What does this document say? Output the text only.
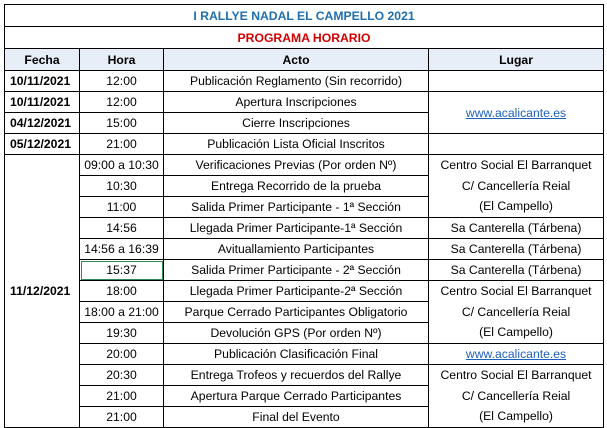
I RALLYE NADAL EL CAMPELLO 2021			
PROGRAMA HORARIO			
Fecha	Hora	Acto	Lugar
10/11/2021	12:00	Publicación Reglamento (Sin recorrido)	
10/11/2021	12:00	Apertura Inscripciones	www.acalicante.es
04/12/2021	15:00	Cierre Inscripciones	
05/12/2021	21:00	Publicación Lista Oficial Inscritos	
11/12/2021	09:00 a 10:30	Verificaciones Previas (Por orden Nº)	Centro Social El Barranquet
C/ Cancellería Reial
(El Campello)

	10:30	Entrega Recorrido de la prueba	
	11:00	Salida Primer Participante - 1ª Sección	
	14:56	Llegada Primer Participante-1ª Sección	Sa Canterella (Tárbena)
	14:56 a 16:39	Avituallamiento Participantes	Sa Canterella (Tárbena)
	15:37	Salida Primer Participante - 2ª Sección	Sa Canterella (Tárbena)
	18:00	Llegada Primer Participante-2ª Sección	Centro Social El Barranquet
C/ Cancellería Reial
(El Campello)

	18:00 a 21:00	Parque Cerrado Participantes Obligatorio	
	19:30	Devolución GPS (Por orden Nº)	
	20:00	Publicación Clasificación Final	www.acalicante.es
	20:30	Entrega Trofeos y recuerdos del Rallye	Centro Social El Barranquet
C/ Cancellería Reial
(El Campello)

	21:00	Apertura Parque Cerrado Participantes	
	21:00	Final del Evento	
